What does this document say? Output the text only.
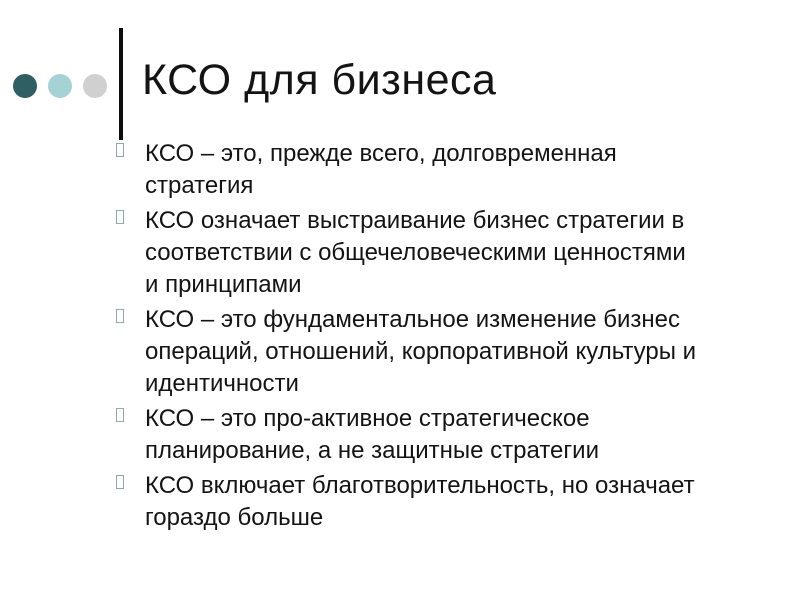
КСО для бизнеса
КСО – это, прежде всего, долговременная
стратегия
КСО означает выстраивание бизнес стратегии в
соответствии с общечеловеческими ценностями
и принципами
КСО – это фундаментальное изменение бизнес
операций, отношений, корпоративной культуры и
идентичности
КСО – это про-активное стратегическое
планирование, а не защитные стратегии
КСО включает благотворительность, но означает
гораздо больше
